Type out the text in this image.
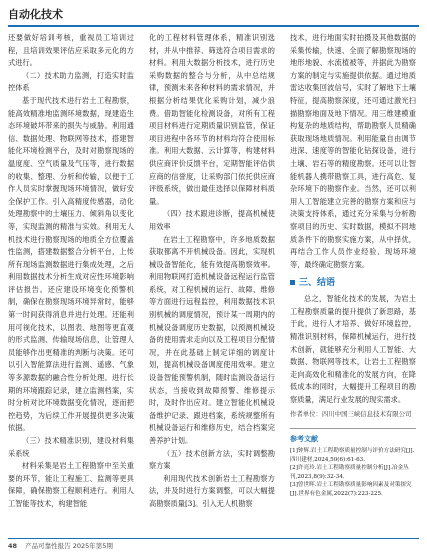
自动化技术

还要做好培训考核，重视员工培训过程，且培训效果评估应采取多元化的方式进行。

（二）技术助力监测，打造实时监控体系

基于现代技术进行岩土工程勘察，能高效精准地监测环境数据，现建造生态环境破坏带来的损失与威胁。利用通信、数据处理、物联网等技术，搭建智能化环境检测平台，及时对勘察现场的温度度、空气质量及气压等，进行数据的收集、整理、分析和传输，以便于工作人员实时掌握现场环境情况，做好安全保护工作。引入高精度传感器，动化处理勘察中的土壤压力、倾斜角以变化等，实现监测的精准与实效。利用无人机技术进行勘察现场的地质全方位覆盖性监测，搭建数据整合分析平台，上传所有现场监测数据进行集成处理，之后利用数据技术分析生成对应性环境影响评估报告。还应建设环境变化预警机制，确保在勘察现场环境异常时，能够第一时间获得消息并进行处理。还能利用可视化技术，以图表、地图等更直观的形式监测、传输现场信息，让管理人员能够作出更精准的判断与决策。还可以引入智能算法进行监测、遥感、气象等多源数据的融合性分析处理。进行长期的环境跟踪记录，建立监测档案，实时分析对比环境数据变化情况，逐而把控趋势，为后续工作开展提供更多决策依据。

（三）技术精准识别，建设材料集采系统

材料采集是岩土工程勘察中至关重要的环节，能让工程施工、监测等更具保障，确保勘察工程顺利进行。利用人工智能等技术，构建智能

化的工程材料管理体系，精准识别选材，并从中推荐、筛选符合项目需求的材料。利用大数据分析技术，进行历史采购数据的整合与分析，从中总结规律，预测未来各种材料的需求情况，并根据分析结果优化采购计划，减少浪费。借助智能化检测设备，对所有工程项目材料进行定期质量识别监管，保证项目进程中各环节的材料均符合使用标准。利用大数据、云计算等，构建材料供应商评价反馈平台，定期智能评估供应商的信誉度，让采购部门依托供应商评级系统，做出最佳选择以保障材料质量。

（四）技术跟进诊断，提高机械使用效率

在岩土工程勘察中，许多地质数据获取都离不开机械设备。因此，实现机械设备智能化，能有效提高勘察效率。利用物联网打造机械设备远程运行监管系统，对工程机械的运行、故障、维修等方面进行远程监控，利用数据技术识别机械的调度情况，预计某一周期内的机械设备调度历史数据，以预测机械设备的使用需求走向以及工程项目分配情况，并在此基础上制定详细的调度计划，提高机械设备调度使用效率。建立设备智能预警机制，随时监测设备运行状态，当接收到故障预警、维修提示时，及时作出应对。建立智能化机械设备维护记录、跟进档案，系统规整所有机械设备运行和维修历史，结合档案完善养护计划。

（五）技术创新方法，实时调整勘察方案

利用现代技术创新岩土工程勘察方法，并及时进行方案调整，可以大幅提高勘察质量[3]。引入无人机勘察

技术，进行地面实时拍摄及其他数据的采集传输，快速、全面了解勘察现场的地形地貌、水流植被等，并据此为勘察方案的制定与实施提供依据。通过地质雷达收集回波信号，实时了解地下土壤特征，提高勘察深度，还可通过激光扫描勘察地面及地下情况。用三维建模重构复杂的地质结构，帮助勘察人员精确获取现场地质情况。利用能量自由调节进深、速度等的智能化钻探设备，进行土壤、岩石等的精度勘察。还可以让智能机器人携带勘察工具，进行高危、复杂环境下的勘察作业。当然，还可以利用人工智能建立完善的勘察方案和应与决策支持体系，通过充分采集与分析勘察项目的历史、实时数据，模拟不同地质条件下的勘察实施方案，从中择优，再结合工作人员作业经验、现场环境等，最终确定勘察方案。

三、结语

总之，智能化技术的发展，为岩土工程勘察质量的提升提供了新思路，基于此，进行人才培养、做好环境监控，精准识别材料，保障机械运行，进行技术创新，就能够充分利用人工智能、大数据、物联网等技术，让岩土工程勘察走向高效化和精准化的发展方向，在降低成本的同时，大幅提升工程项目的勘察质量，满足行业发展的现实需求。

作者单位：四川中国三峡信息技术有限公司
参考文献

[1]钟辉.岩土工程勘察质量控制与评价方法研究[J].四川建材,2024,50(6):61-63.

[2]许亮玲.岩土工程勘察质量控制分析[J].冶金丛刊,2023,8(9):32-34.

[3]曾世晖.岩土工程勘察质量影响因素及对策探究[J].世界有色金属,2022(7):223-225.

48 产品可靠性报告 2025年第5期
